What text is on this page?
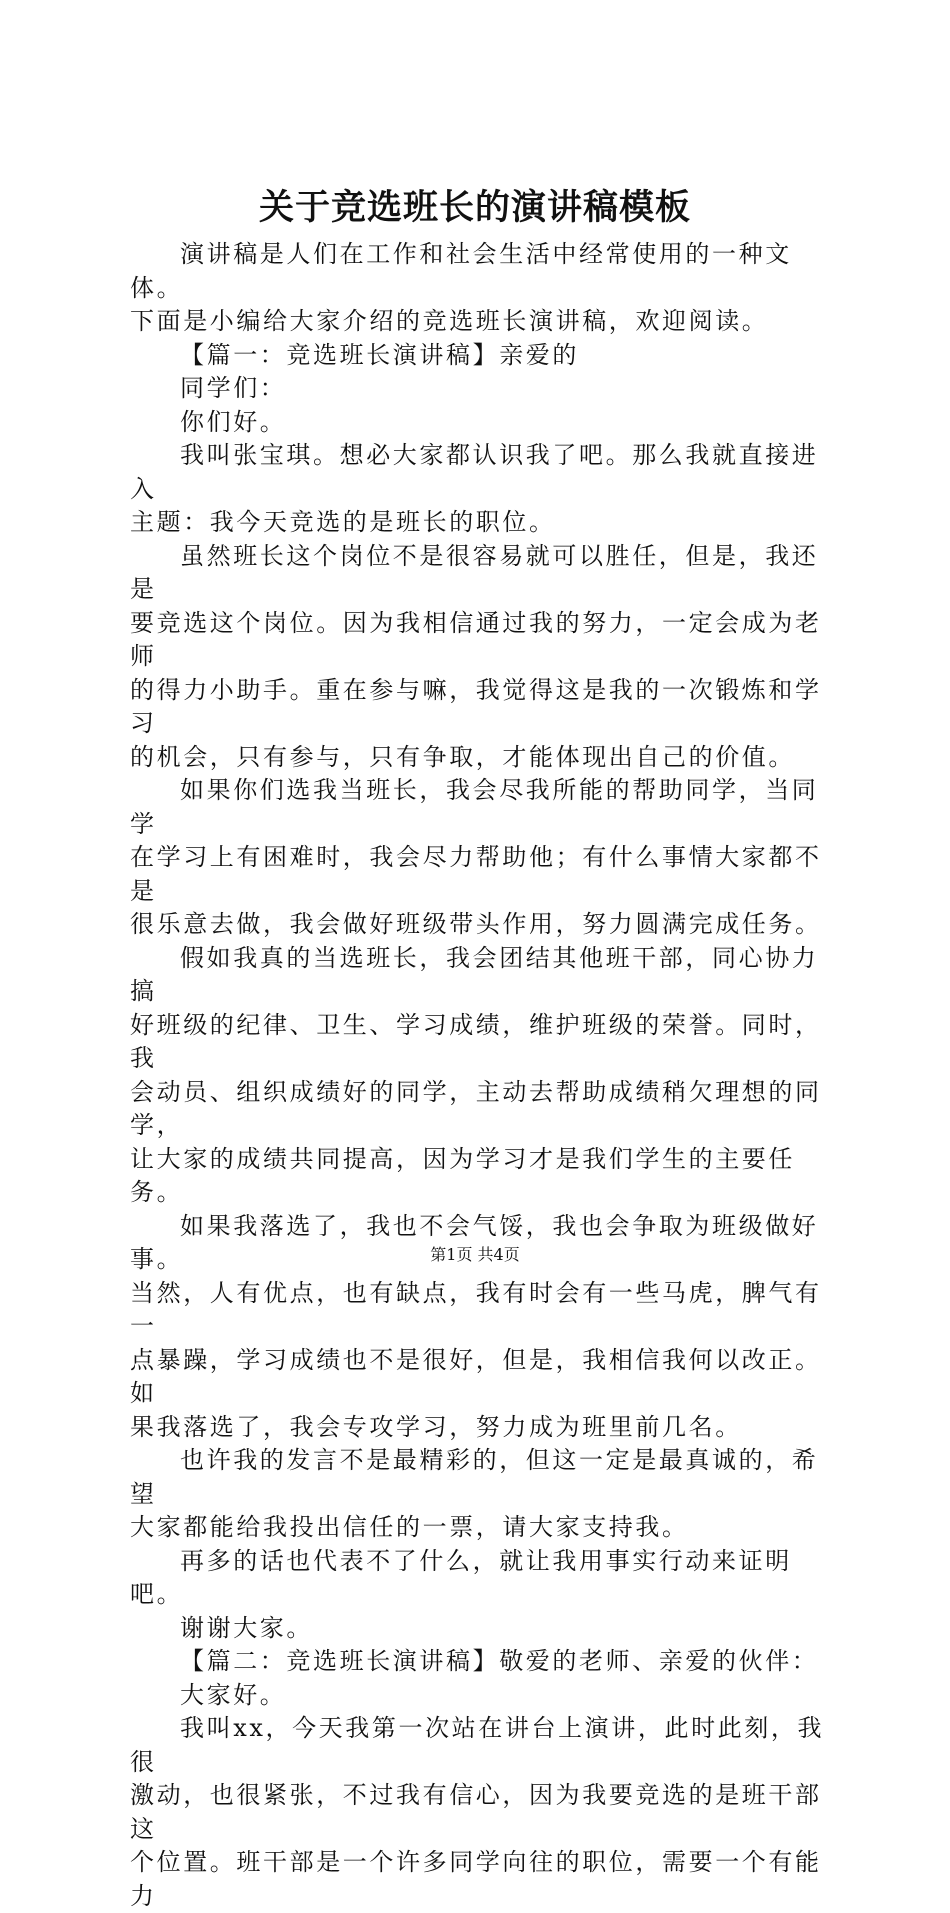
关于竞选班长的演讲稿模板

演讲稿是人们在工作和社会生活中经常使用的一种文体。
下面是小编给大家介绍的竞选班长演讲稿，欢迎阅读。

【篇一：竞选班长演讲稿】亲爱的

同学们：

你们好。

我叫张宝琪。想必大家都认识我了吧。那么我就直接进入
主题：我今天竞选的是班长的职位。

虽然班长这个岗位不是很容易就可以胜任，但是，我还是
要竞选这个岗位。因为我相信通过我的努力，一定会成为老师
的得力小助手。重在参与嘛，我觉得这是我的一次锻炼和学习
的机会，只有参与，只有争取，才能体现出自己的价值。

如果你们选我当班长，我会尽我所能的帮助同学，当同学
在学习上有困难时，我会尽力帮助他；有什么事情大家都不是
很乐意去做，我会做好班级带头作用，努力圆满完成任务。

假如我真的当选班长，我会团结其他班干部，同心协力搞
好班级的纪律、卫生、学习成绩，维护班级的荣誉。同时，我
会动员、组织成绩好的同学，主动去帮助成绩稍欠理想的同学，
让大家的成绩共同提高，因为学习才是我们学生的主要任务。

如果我落选了，我也不会气馁，我也会争取为班级做好事。
当然，人有优点，也有缺点，我有时会有一些马虎，脾气有一
点暴躁，学习成绩也不是很好，但是，我相信我何以改正。如
果我落选了，我会专攻学习，努力成为班里前几名。

也许我的发言不是最精彩的，但这一定是最真诚的，希望
大家都能给我投出信任的一票，请大家支持我。

再多的话也代表不了什么，就让我用事实行动来证明吧。

谢谢大家。

【篇二：竞选班长演讲稿】敬爱的老师、亲爱的伙伴：

大家好。

我叫xx，今天我第一次站在讲台上演讲，此时此刻，我很
激动，也很紧张，不过我有信心，因为我要竞选的是班干部这
个位置。班干部是一个许多同学向往的职位，需要一个有能力

第1页 共4页
